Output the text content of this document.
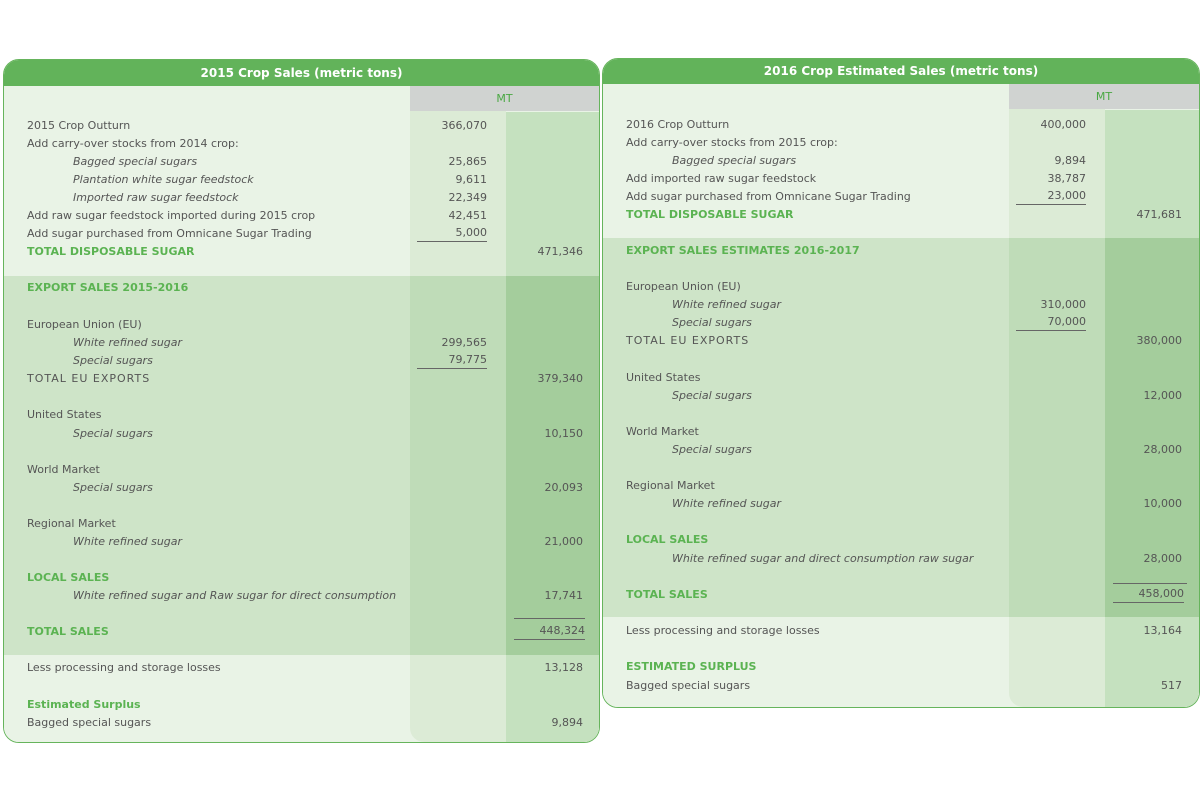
2015 Crop Sales (metric tons)
MT
2015 Crop Outturn	366,070
Add carry-over stocks from 2014 crop:
Bagged special sugars	25,865
Plantation white sugar feedstock	9,611
Imported raw sugar feedstock	22,349
Add raw sugar feedstock imported during 2015 crop	42,451
Add sugar purchased from Omnicane Sugar Trading	5,000
TOTAL DISPOSABLE SUGAR	471,346
EXPORT SALES 2015-2016
European Union (EU)
White refined sugar	299,565
Special sugars	79,775
TOTAL EU EXPORTS	379,340
United States
Special sugars	10,150
World Market
Special sugars	20,093
Regional Market
White refined sugar	21,000
LOCAL SALES
White refined sugar and Raw sugar for direct consumption	17,741
TOTAL SALES	448,324
Less processing and storage losses	13,128
Estimated Surplus
Bagged special sugars	9,894
2016 Crop Estimated Sales (metric tons)
MT
2016 Crop Outturn	400,000
Add carry-over stocks from 2015 crop:
Bagged special sugars	9,894
Add imported raw sugar feedstock	38,787
Add sugar purchased from Omnicane Sugar Trading	23,000
TOTAL DISPOSABLE SUGAR	471,681
EXPORT SALES ESTIMATES 2016-2017
European Union (EU)
White refined sugar	310,000
Special sugars	70,000
TOTAL EU EXPORTS	380,000
United States
Special sugars	12,000
World Market
Special sugars	28,000
Regional Market
White refined sugar	10,000
LOCAL SALES
White refined sugar and direct consumption raw sugar	28,000
TOTAL SALES	458,000
Less processing and storage losses	13,164
ESTIMATED SURPLUS
Bagged special sugars	517
